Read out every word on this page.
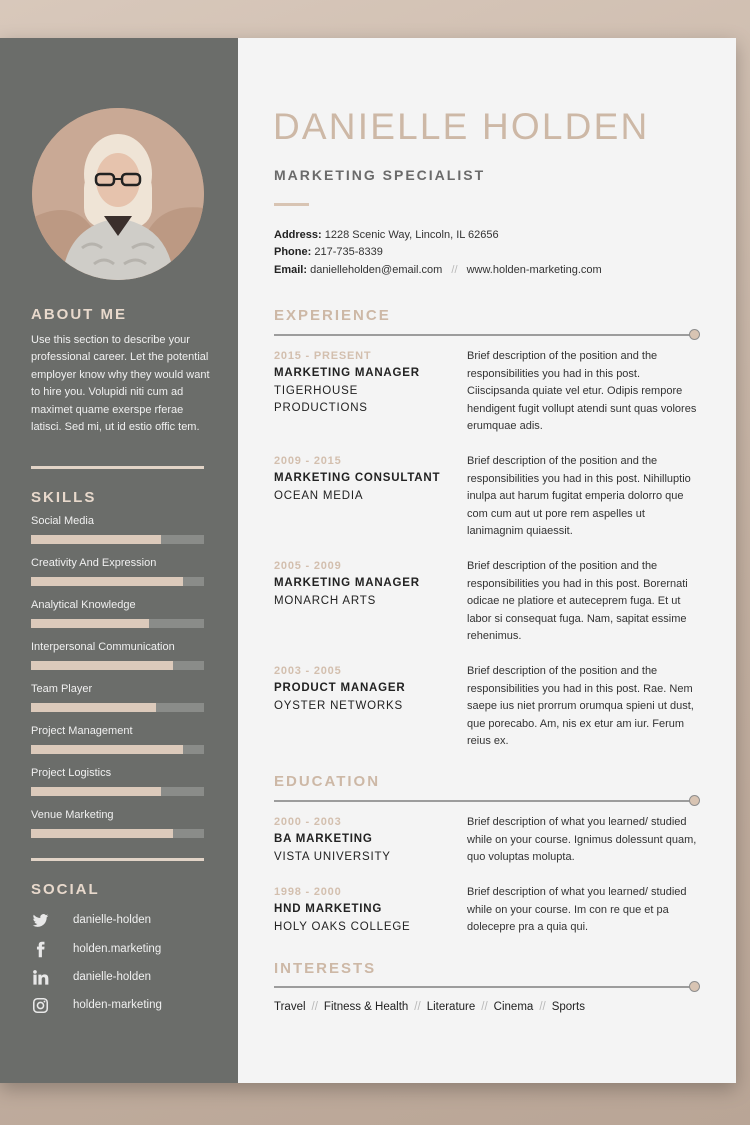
ABOUT ME
Use this section to describe your professional career. Let the potential employer know why they would want to hire you. Volupidi niti cum ad maximet quame exerspe rferae latisci. Sed mi, ut id estio offic tem.
SKILLS
Social Media
Creativity And Expression
Analytical Knowledge
Interpersonal Communication
Team Player
Project Management
Project Logistics
Venue Marketing
SOCIAL
danielle-holden
holden.marketing
danielle-holden
holden-marketing
DANIELLE HOLDEN
MARKETING SPECIALIST
Address: 1228 Scenic Way, Lincoln, IL 62656
Phone: 217-735-8339
Email: danielleholden@email.com // www.holden-marketing.com
EXPERIENCE
2015 - PRESENT
MARKETING MANAGER
TIGERHOUSE PRODUCTIONS
Brief description of the position and the responsibilities you had in this post. Ciiscipsanda quiate vel etur. Odipis rempore hendigent fugit vollupt atendi sunt quas volores erumquae adis.
2009 - 2015
MARKETING CONSULTANT
OCEAN MEDIA
Brief description of the position and the responsibilities you had in this post. Nihilluptio inulpa aut harum fugitat emperia dolorro que com cum aut ut pore rem aspelles ut lanimagnim quiaessit.
2005 - 2009
MARKETING MANAGER
MONARCH ARTS
Brief description of the position and the responsibilities you had in this post. Borernati odicae ne platiore et auteceprem fuga. Et ut labor si consequat fuga. Nam, sapitat essime rehenimus.
2003 - 2005
PRODUCT MANAGER
OYSTER NETWORKS
Brief description of the position and the responsibilities you had in this post. Rae. Nem saepe ius niet prorrum orumqua spieni ut dust, que porecabo. Am, nis ex etur am iur. Ferum reius ex.
EDUCATION
2000 - 2003
BA MARKETING
VISTA UNIVERSITY
Brief description of what you learned/ studied while on your course. Ignimus dolessunt quam, quo voluptas molupta.
1998 - 2000
HND MARKETING
HOLY OAKS COLLEGE
Brief description of what you learned/ studied while on your course. Im con re que et pa dolecepre pra a quia qui.
INTERESTS
Travel // Fitness & Health // Literature // Cinema // Sports
